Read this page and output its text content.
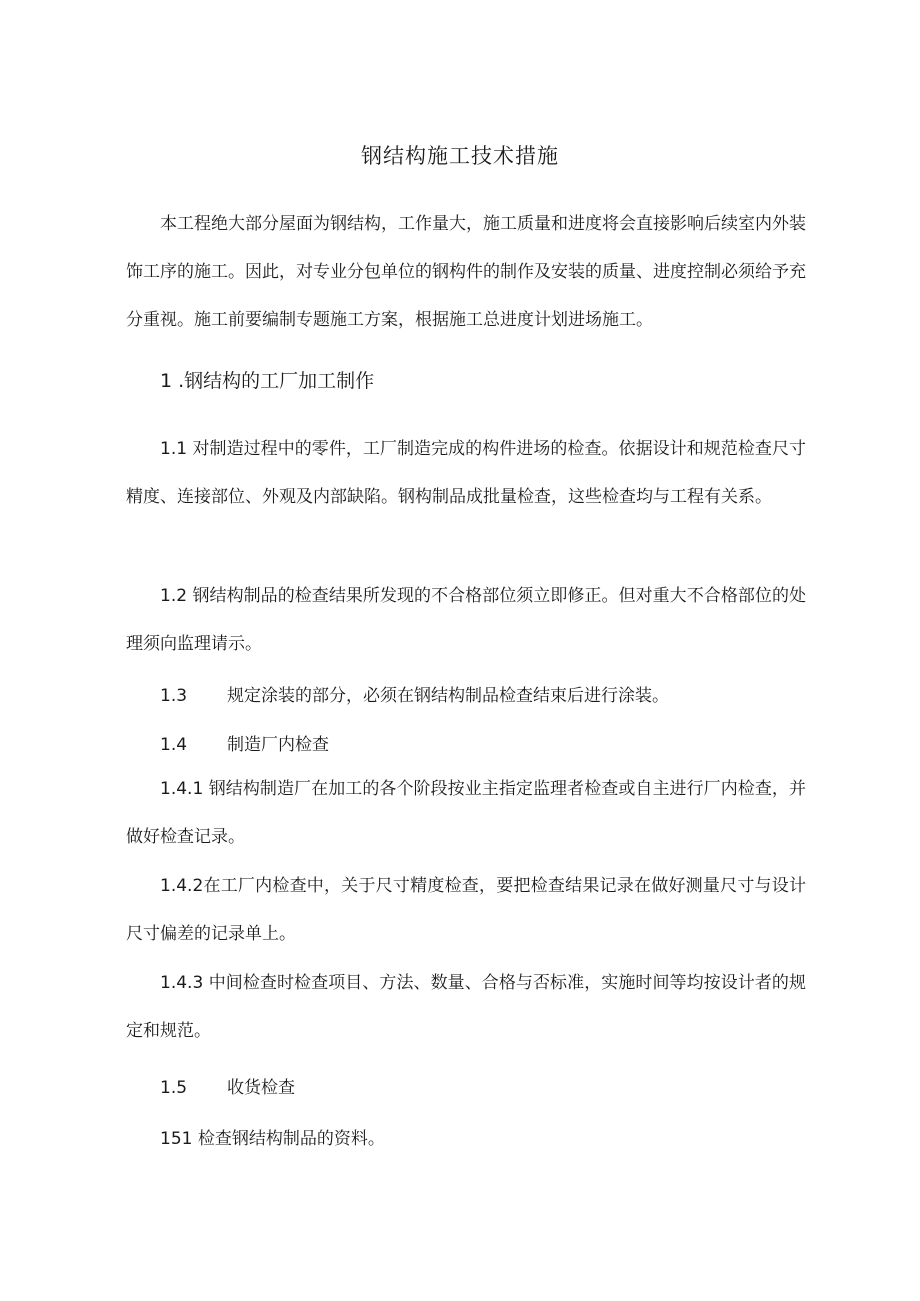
钢结构施工技术措施
本工程绝大部分屋面为钢结构，工作量大，施工质量和进度将会直接影响后续室内外装饰工序的施工。因此，对专业分包单位的钢构件的制作及安装的质量、进度控制必须给予充分重视。施工前要编制专题施工方案，根据施工总进度计划进场施工。
1 .钢结构的工厂加工制作
1.1 对制造过程中的零件，工厂制造完成的构件进场的检查。依据设计和规范检查尺寸精度、连接部位、外观及内部缺陷。钢构制品成批量检查，这些检查均与工程有关系。
1.2 钢结构制品的检查结果所发现的不合格部位须立即修正。但对重大不合格部位的处理须向监理请示。
1.3 规定涂装的部分，必须在钢结构制品检查结束后进行涂装。
1.4 制造厂内检查
1.4.1 钢结构制造厂在加工的各个阶段按业主指定监理者检查或自主进行厂内检查，并做好检查记录。
1.4.2在工厂内检查中，关于尺寸精度检查，要把检查结果记录在做好测量尺寸与设计尺寸偏差的记录单上。
1.4.3 中间检查时检查项目、方法、数量、合格与否标准，实施时间等均按设计者的规定和规范。
1.5 收货检查
151 检查钢结构制品的资料。
